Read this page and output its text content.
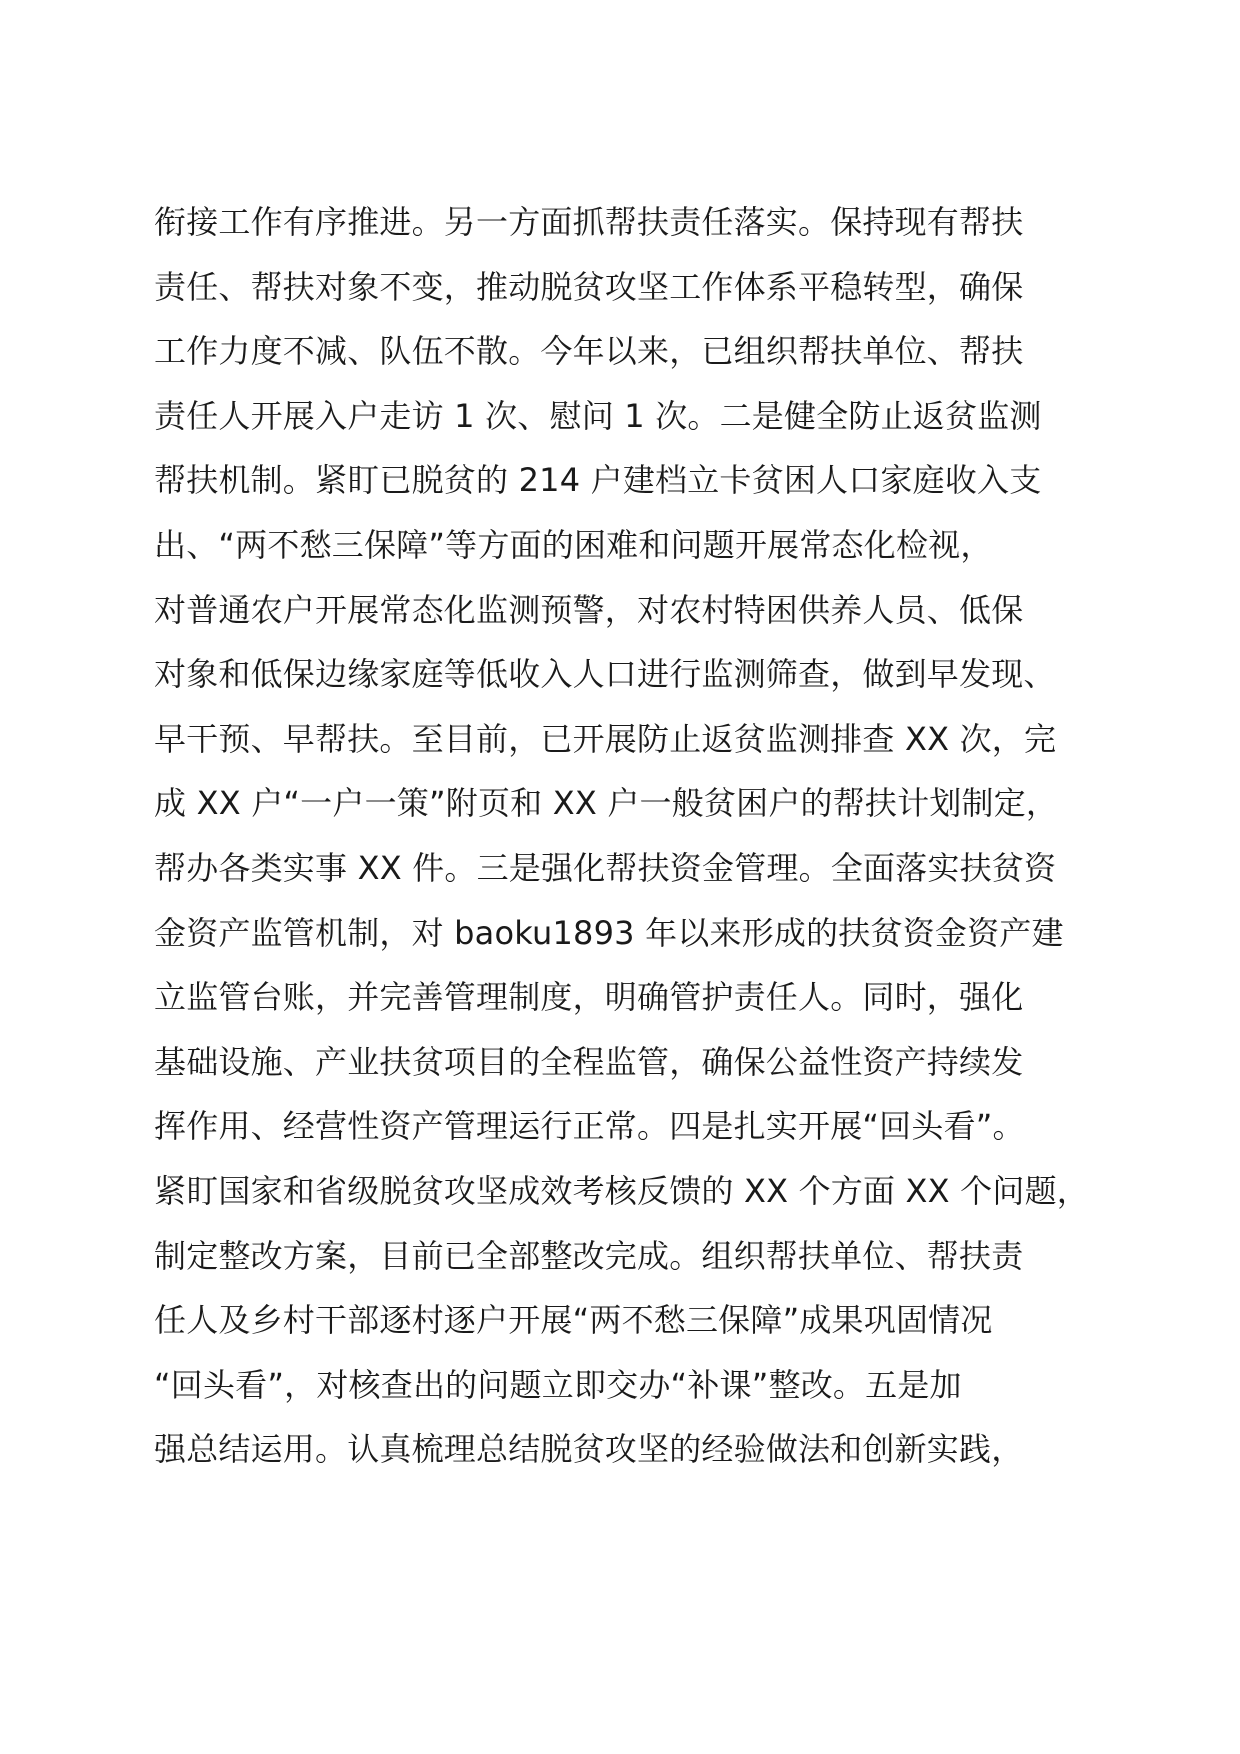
衔接工作有序推进。另一方面抓帮扶责任落实。保持现有帮扶
责任、帮扶对象不变，推动脱贫攻坚工作体系平稳转型，确保
工作力度不减、队伍不散。今年以来，已组织帮扶单位、帮扶
责任人开展入户走访 1 次、慰问 1 次。二是健全防止返贫监测
帮扶机制。紧盯已脱贫的 214 户建档立卡贫困人口家庭收入支
出、“两不愁三保障”等方面的困难和问题开展常态化检视，
对普通农户开展常态化监测预警，对农村特困供养人员、低保
对象和低保边缘家庭等低收入人口进行监测筛查，做到早发现、
早干预、早帮扶。至目前，已开展防止返贫监测排查 XX 次，完
成 XX 户“一户一策”附页和 XX 户一般贫困户的帮扶计划制定，
帮办各类实事 XX 件。三是强化帮扶资金管理。全面落实扶贫资
金资产监管机制，对 baoku1893 年以来形成的扶贫资金资产建
立监管台账，并完善管理制度，明确管护责任人。同时，强化
基础设施、产业扶贫项目的全程监管，确保公益性资产持续发
挥作用、经营性资产管理运行正常。四是扎实开展“回头看”。
紧盯国家和省级脱贫攻坚成效考核反馈的 XX 个方面 XX 个问题，
制定整改方案，目前已全部整改完成。组织帮扶单位、帮扶责
任人及乡村干部逐村逐户开展“两不愁三保障”成果巩固情况
“回头看”，对核查出的问题立即交办“补课”整改。五是加
强总结运用。认真梳理总结脱贫攻坚的经验做法和创新实践，
